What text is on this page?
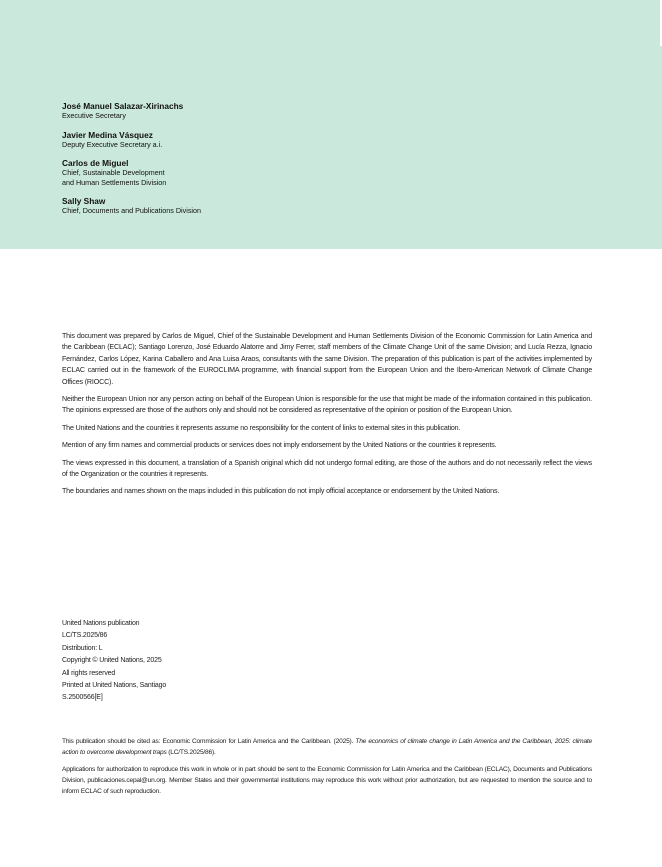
José Manuel Salazar-Xirinachs
Executive Secretary
Javier Medina Vásquez
Deputy Executive Secretary a.i.
Carlos de Miguel
Chief, Sustainable Development
and Human Settlements Division
Sally Shaw
Chief, Documents and Publications Division

This document was prepared by Carlos de Miguel, Chief of the Sustainable Development and Human Settlements Division of the Economic Commission for Latin America and the Caribbean (ECLAC); Santiago Lorenzo, José Eduardo Alatorre and Jimy Ferrer, staff members of the Climate Change Unit of the same Division; and Lucía Rezza, Ignacio Fernández, Carlos López, Karina Caballero and Ana Luisa Araos, consultants with the same Division. The preparation of this publication is part of the activities implemented by ECLAC carried out in the framework of the EUROCLIMA programme, with financial support from the European Union and the Ibero-American Network of Climate Change Offices (RIOCC).

Neither the European Union nor any person acting on behalf of the European Union is responsible for the use that might be made of the information contained in this publication. The opinions expressed are those of the authors only and should not be considered as representative of the opinion or position of the European Union.

The United Nations and the countries it represents assume no responsibility for the content of links to external sites in this publication.

Mention of any firm names and commercial products or services does not imply endorsement by the United Nations or the countries it represents.

The views expressed in this document, a translation of a Spanish original which did not undergo formal editing, are those of the authors and do not necessarily reflect the views of the Organization or the countries it represents.

The boundaries and names shown on the maps included in this publication do not imply official acceptance or endorsement by the United Nations.

United Nations publication
LC/TS.2025/86
Distribution: L
Copyright © United Nations, 2025
All rights reserved
Printed at United Nations, Santiago
S.2500566[E]

This publication should be cited as: Economic Commission for Latin America and the Caribbean. (2025). The economics of climate change in Latin America and the Caribbean, 2025: climate action to overcome development traps (LC/TS.2025/86).

Applications for authorization to reproduce this work in whole or in part should be sent to the Economic Commission for Latin America and the Caribbean (ECLAC), Documents and Publications Division, publicaciones.cepal@un.org. Member States and their governmental institutions may reproduce this work without prior authorization, but are requested to mention the source and to inform ECLAC of such reproduction.
